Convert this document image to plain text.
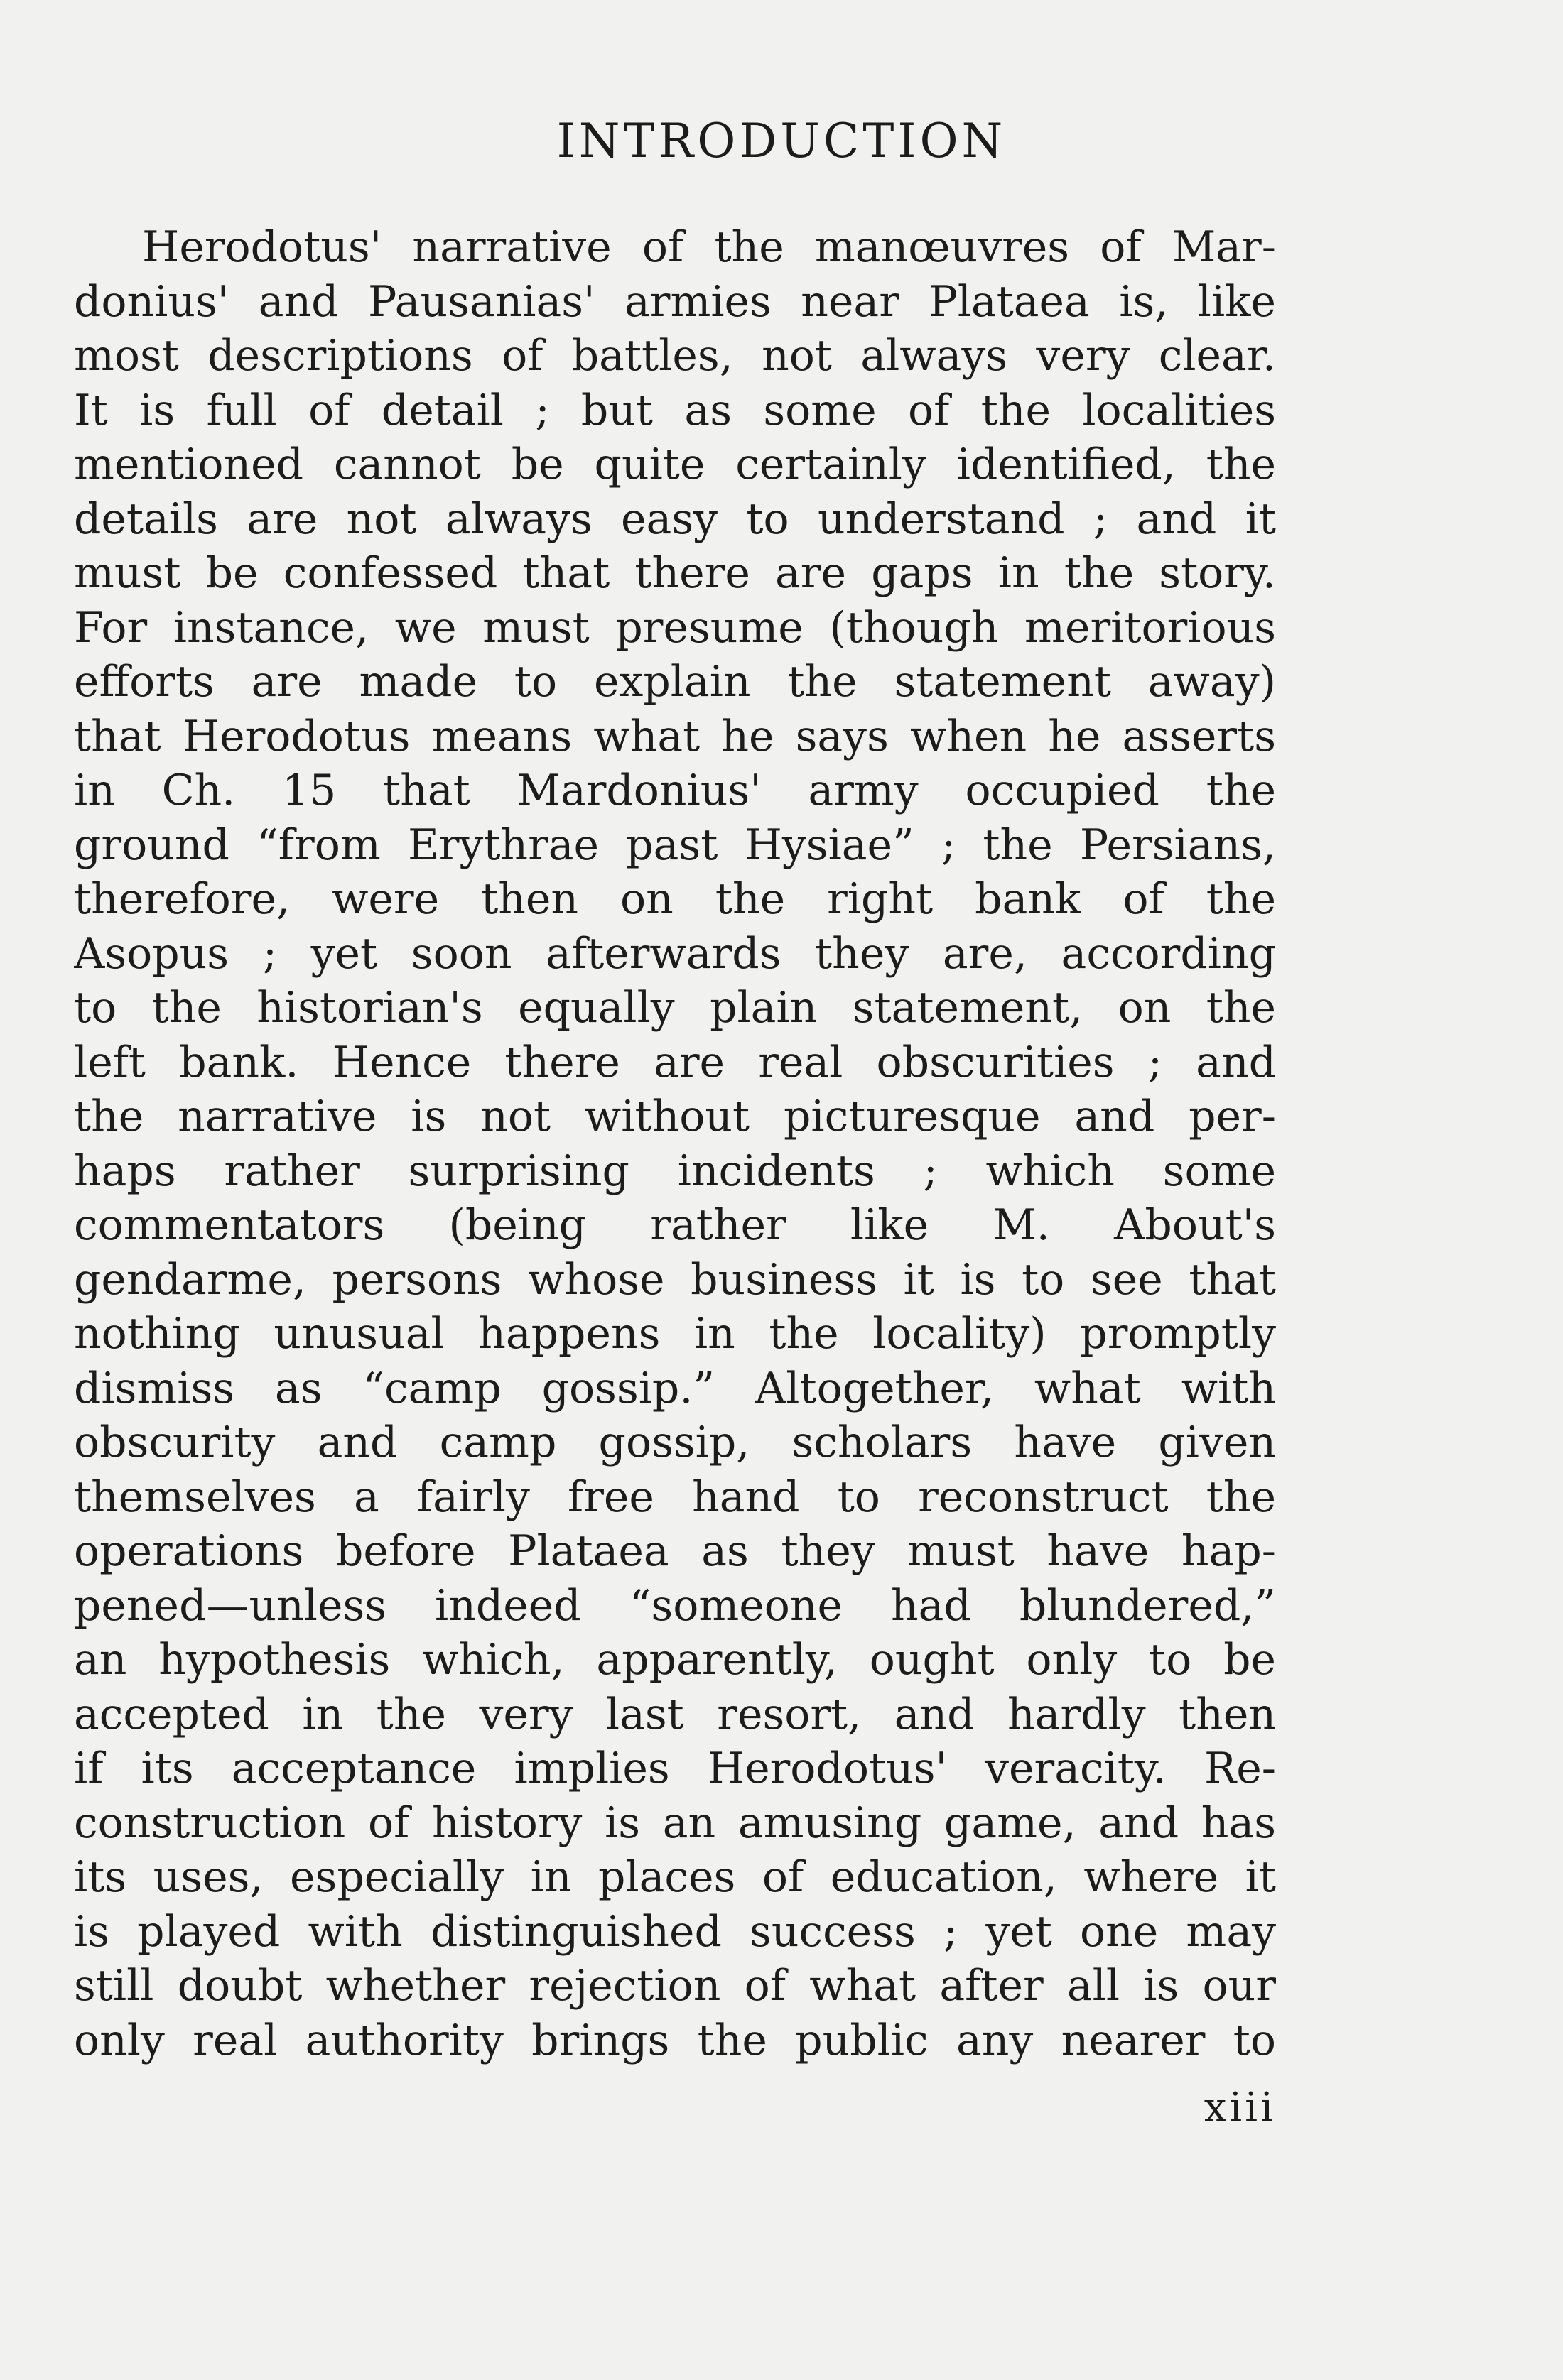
INTRODUCTION
Herodotus' narrative of the manœuvres of Mar-
donius' and Pausanias' armies near Plataea is, like
most descriptions of battles, not always very clear.
It is full of detail ; but as some of the localities
mentioned cannot be quite certainly identified, the
details are not always easy to understand ; and it
must be confessed that there are gaps in the story.
For instance, we must presume (though meritorious
efforts are made to explain the statement away)
that Herodotus means what he says when he asserts
in Ch. 15 that Mardonius' army occupied the
ground “from Erythrae past Hysiae” ; the Persians,
therefore, were then on the right bank of the
Asopus ; yet soon afterwards they are, according
to the historian's equally plain statement, on the
left bank. Hence there are real obscurities ; and
the narrative is not without picturesque and per-
haps rather surprising incidents ; which some
commentators (being rather like M. About's
gendarme, persons whose business it is to see that
nothing unusual happens in the locality) promptly
dismiss as “camp gossip.” Altogether, what with
obscurity and camp gossip, scholars have given
themselves a fairly free hand to reconstruct the
operations before Plataea as they must have hap-
pened—unless indeed “someone had blundered,”
an hypothesis which, apparently, ought only to be
accepted in the very last resort, and hardly then
if its acceptance implies Herodotus' veracity. Re-
construction of history is an amusing game, and has
its uses, especially in places of education, where it
is played with distinguished success ; yet one may
still doubt whether rejection of what after all is our
only real authority brings the public any nearer to
xiii
